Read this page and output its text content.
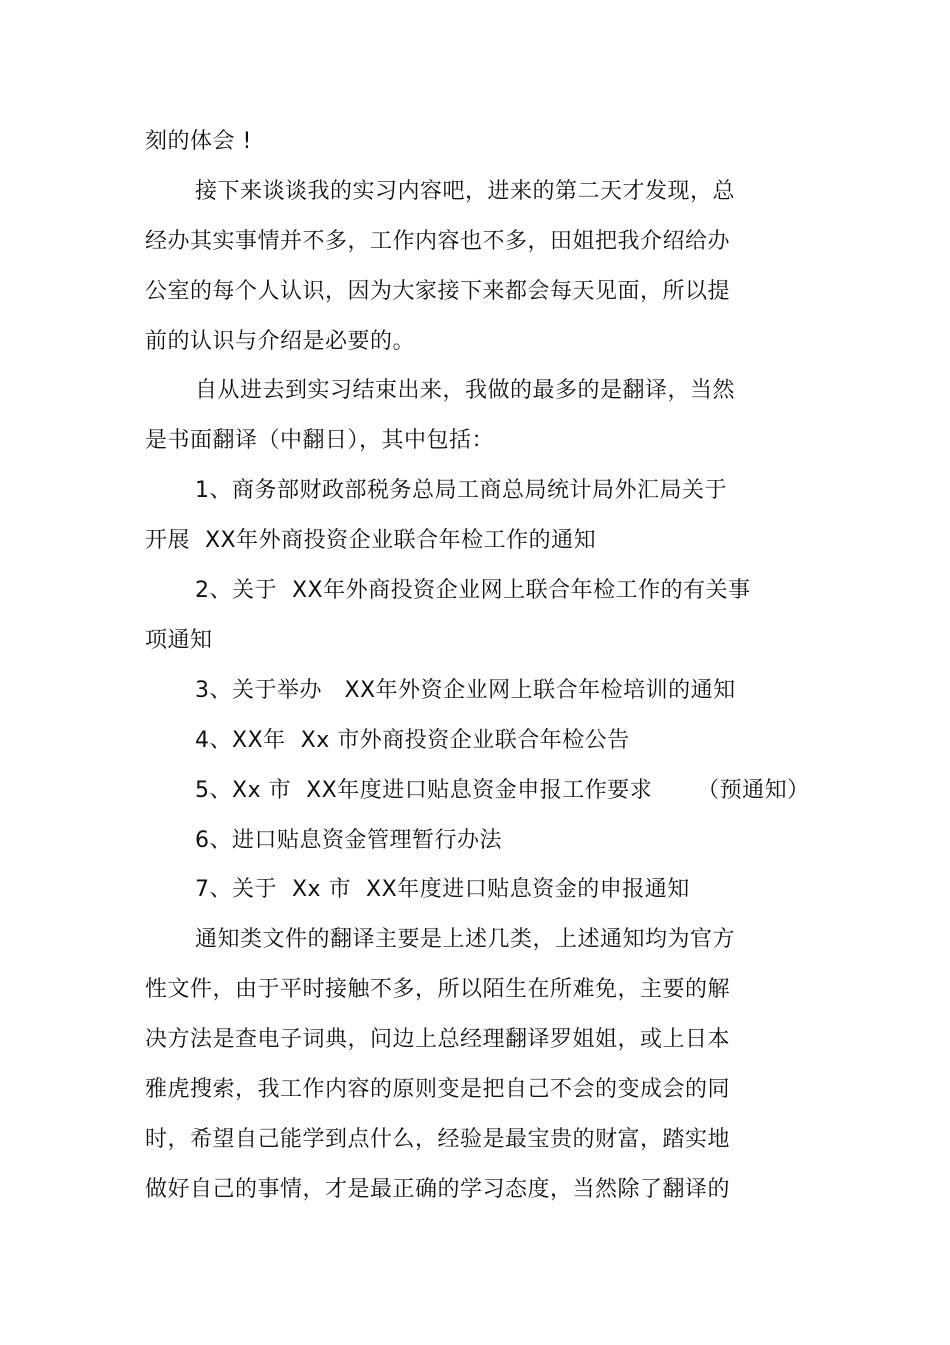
刻的体会 !
接下来谈谈我的实习内容吧，进来的第二天才发现，总
经办其实事情并不多，工作内容也不多，田姐把我介绍给办
公室的每个人认识，因为大家接下来都会每天见面，所以提
前的认识与介绍是必要的。
自从进去到实习结束出来，我做的最多的是翻译，当然
是书面翻译（中翻日），其中包括：
1、商务部财政部税务总局工商总局统计局外汇局关于
开展  XX年外商投资企业联合年检工作的通知
2、关于  XX年外商投资企业网上联合年检工作的有关事
项通知
3、关于举办   XX年外资企业网上联合年检培训的通知
4、XX年  Xx 市外商投资企业联合年检公告
5、Xx 市  XX年度进口贴息资金申报工作要求      （预通知）
6、进口贴息资金管理暂行办法
7、关于  Xx 市  XX年度进口贴息资金的申报通知
通知类文件的翻译主要是上述几类，上述通知均为官方
性文件，由于平时接触不多，所以陌生在所难免，主要的解
决方法是查电子词典，问边上总经理翻译罗姐姐，或上日本
雅虎搜索，我工作内容的原则变是把自己不会的变成会的同
时，希望自己能学到点什么，经验是最宝贵的财富，踏实地
做好自己的事情，才是最正确的学习态度，当然除了翻译的
